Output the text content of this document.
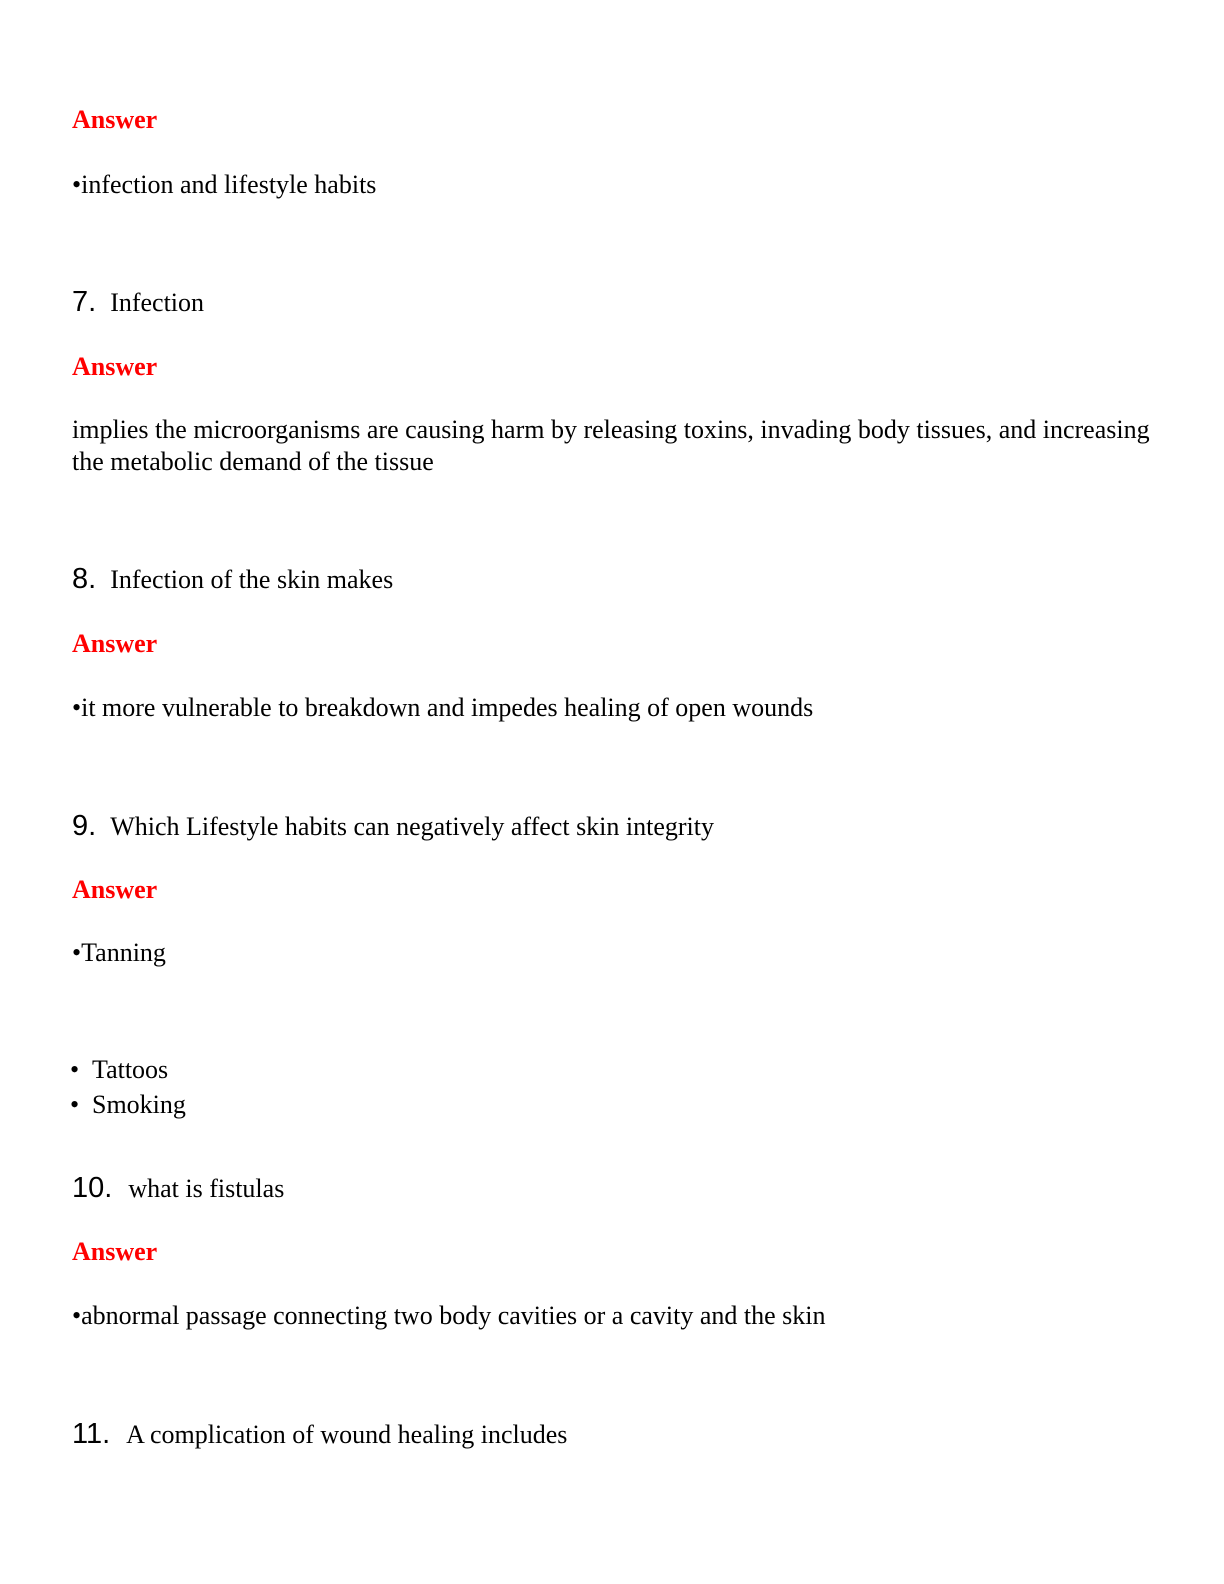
Answer
•infection and lifestyle habits
7. Infection
Answer
implies the microorganisms are causing harm by releasing toxins, invading body tissues, and increasing the metabolic demand of the tissue
8. Infection of the skin makes
Answer
•it more vulnerable to breakdown and impedes healing of open wounds
9. Which Lifestyle habits can negatively affect skin integrity
Answer
•Tanning
• Tattoos
• Smoking
10. what is fistulas
Answer
•abnormal passage connecting two body cavities or a cavity and the skin
11. A complication of wound healing includes
